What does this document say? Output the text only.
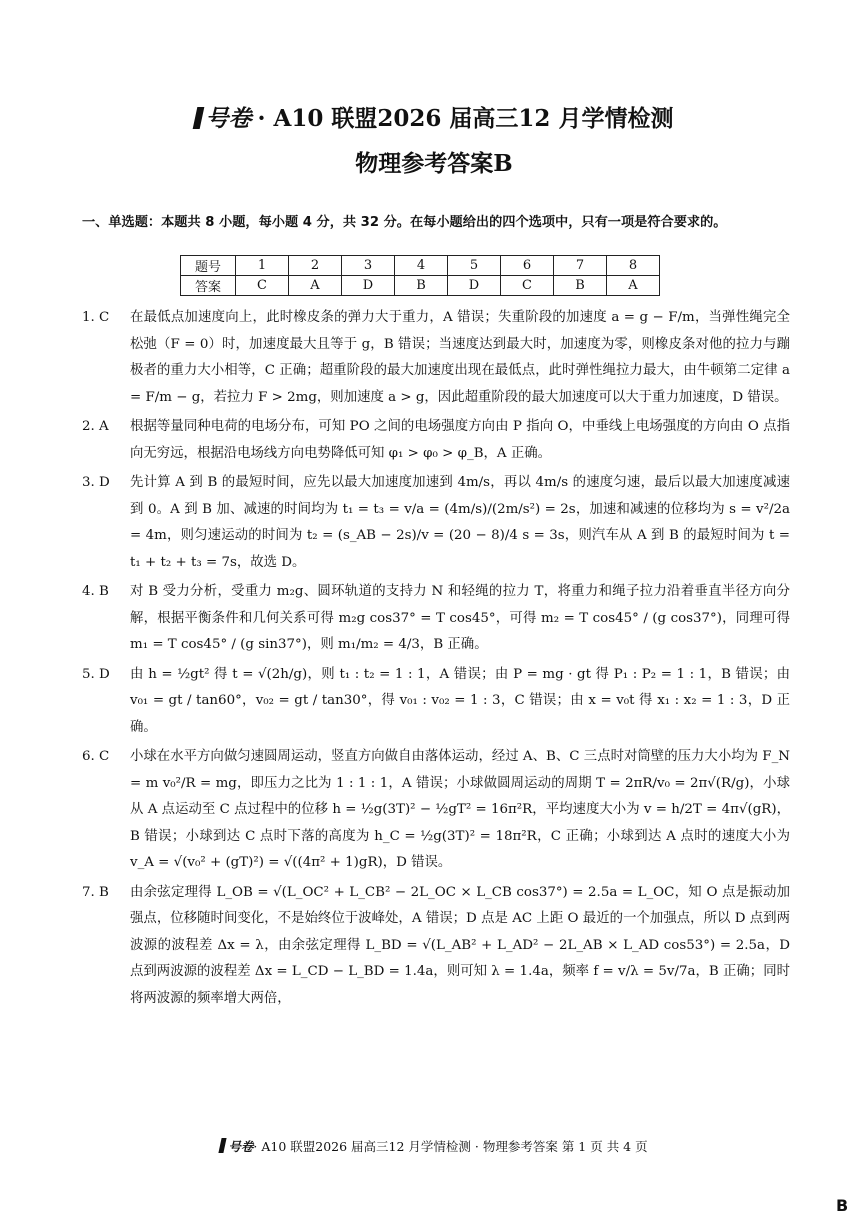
号卷 · A10 联盟2026 届高三12 月学情检测
物理参考答案B
一、单选题：本题共 8 小题，每小题 4 分，共 32 分。在每小题给出的四个选项中，只有一项是符合要求的。
题号	1	2	3	4	5	6	7	8
答案	C	A	D	B	D	C	B	A
1. C	在最低点加速度向上，此时橡皮条的弹力大于重力，A 错误；失重阶段的加速度 a = g − F/m，当弹性绳完全松弛（F = 0）时，加速度最大且等于 g，B 错误；当速度达到最大时，加速度为零，则橡皮条对他的拉力与蹦极者的重力大小相等，C 正确；超重阶段的最大加速度出现在最低点，此时弹性绳拉力最大，由牛顿第二定律 a = F/m − g，若拉力 F > 2mg，则加速度 a > g，因此超重阶段的最大加速度可以大于重力加速度，D 错误。
2. A	根据等量同种电荷的电场分布，可知 PO 之间的电场强度方向由 P 指向 O，中垂线上电场强度的方向由 O 点指向无穷远，根据沿电场线方向电势降低可知 φ₁ > φ₀ > φ_B，A 正确。
3. D	先计算 A 到 B 的最短时间，应先以最大加速度加速到 4m/s，再以 4m/s 的速度匀速，最后以最大加速度减速到 0。A 到 B 加、减速的时间均为 t₁ = t₃ = v/a = (4m/s)/(2m/s²) = 2s，加速和减速的位移均为 s = v²/2a = 4m，则匀速运动的时间为 t₂ = (s_AB − 2s)/v = (20 − 8)/4 s = 3s，则汽车从 A 到 B 的最短时间为 t = t₁ + t₂ + t₃ = 7s，故选 D。
4. B	对 B 受力分析，受重力 m₂g、圆环轨道的支持力 N 和轻绳的拉力 T，将重力和绳子拉力沿着垂直半径方向分解，根据平衡条件和几何关系可得 m₂g cos37° = T cos45°，可得 m₂ = T cos45° / (g cos37°)，同理可得 m₁ = T cos45° / (g sin37°)，则 m₁/m₂ = 4/3，B 正确。
5. D	由 h = ½gt² 得 t = √(2h/g)，则 t₁ : t₂ = 1 : 1，A 错误；由 P = mg · gt 得 P₁ : P₂ = 1 : 1，B 错误；由 v₀₁ = gt / tan60°，v₀₂ = gt / tan30°，得 v₀₁ : v₀₂ = 1 : 3，C 错误；由 x = v₀t 得 x₁ : x₂ = 1 : 3，D 正确。
6. C	小球在水平方向做匀速圆周运动，竖直方向做自由落体运动，经过 A、B、C 三点时对筒壁的压力大小均为 F_N = m v₀²/R = mg，即压力之比为 1 : 1 : 1，A 错误；小球做圆周运动的周期 T = 2πR/v₀ = 2π√(R/g)，小球从 A 点运动至 C 点过程中的位移 h = ½g(3T)² − ½gT² = 16π²R，平均速度大小为 v = h/2T = 4π√(gR)，B 错误；小球到达 C 点时下落的高度为 h_C = ½g(3T)² = 18π²R，C 正确；小球到达 A 点时的速度大小为 v_A = √(v₀² + (gT)²) = √((4π² + 1)gR)，D 错误。
7. B	由余弦定理得 L_OB = √(L_OC² + L_CB² − 2L_OC × L_CB cos37°) = 2.5a = L_OC，知 O 点是振动加强点，位移随时间变化，不是始终位于波峰处，A 错误；D 点是 AC 上距 O 最近的一个加强点，所以 D 点到两波源的波程差 Δx = λ，由余弦定理得 L_BD = √(L_AB² + L_AD² − 2L_AB × L_AD cos53°) = 2.5a，D 点到两波源的波程差 Δx = L_CD − L_BD = 1.4a，则可知 λ = 1.4a，频率 f = v/λ = 5v/7a，B 正确；同时将两波源的频率增大两倍，
号卷· A10 联盟2026 届高三12 月学情检测 · 物理参考答案 第 1 页 共 4 页
B
